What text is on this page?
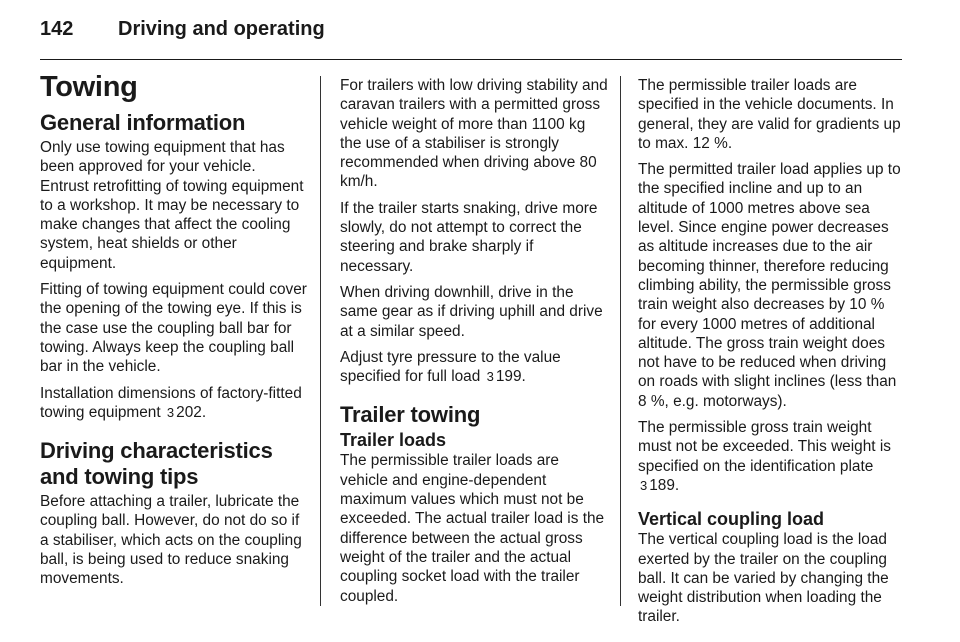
142 Driving and operating
Towing
General information

Only use towing equipment that has been approved for your vehicle. Entrust retrofitting of towing equipment to a workshop. It may be necessary to make changes that affect the cooling system, heat shields or other equipment.

Fitting of towing equipment could cover the opening of the towing eye. If this is the case use the coupling ball bar for towing. Always keep the coupling ball bar in the vehicle.

Installation dimensions of factory-fitted towing equipment 3 202.

Driving characteristics and towing tips

Before attaching a trailer, lubricate the coupling ball. However, do not do so if a stabiliser, which acts on the coupling ball, is being used to reduce snaking movements.

For trailers with low driving stability and caravan trailers with a permitted gross vehicle weight of more than 1100 kg the use of a stabiliser is strongly recommended when driving above 80 km/h.

If the trailer starts snaking, drive more slowly, do not attempt to correct the steering and brake sharply if necessary.

When driving downhill, drive in the same gear as if driving uphill and drive at a similar speed.

Adjust tyre pressure to the value specified for full load 3 199.

Trailer towing
Trailer loads

The permissible trailer loads are vehicle and engine-dependent maximum values which must not be exceeded. The actual trailer load is the difference between the actual gross weight of the trailer and the actual coupling socket load with the trailer coupled.

The permissible trailer loads are specified in the vehicle documents. In general, they are valid for gradients up to max. 12 %.

The permitted trailer load applies up to the specified incline and up to an altitude of 1000 metres above sea level. Since engine power decreases as altitude increases due to the air becoming thinner, therefore reducing climbing ability, the permissible gross train weight also decreases by 10 % for every 1000 metres of additional altitude. The gross train weight does not have to be reduced when driving on roads with slight inclines (less than 8 %, e.g. motorways).

The permissible gross train weight must not be exceeded. This weight is specified on the identification plate
3 189.

Vertical coupling load

The vertical coupling load is the load exerted by the trailer on the coupling ball. It can be varied by changing the weight distribution when loading the trailer.
